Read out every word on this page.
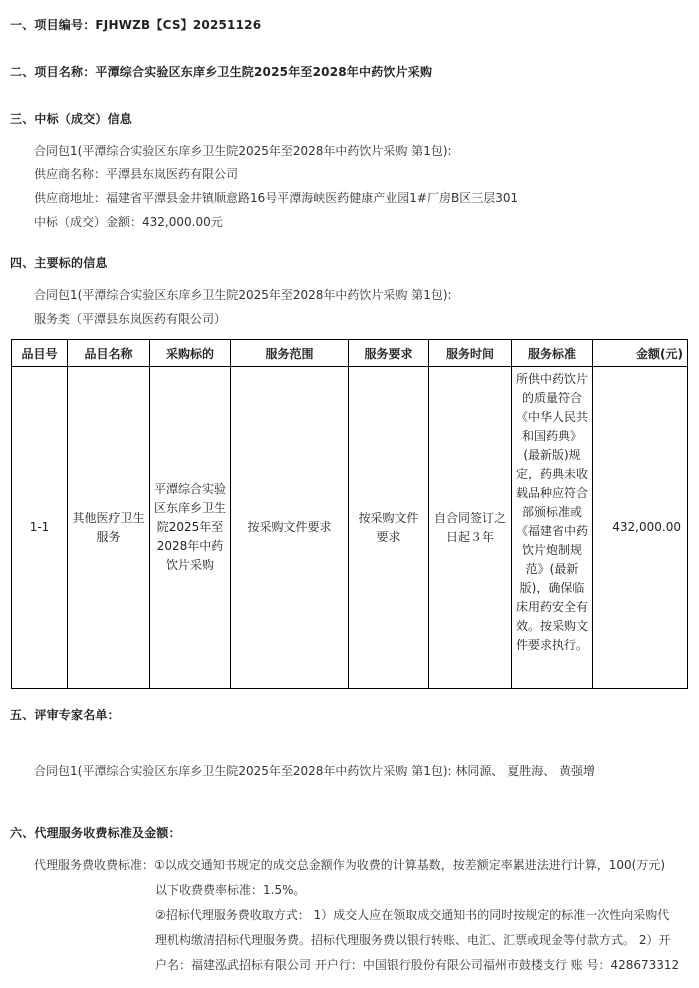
一、项目编号：FJHWZB【CS】20251126
二、项目名称：平潭综合实验区东庠乡卫生院2025年至2028年中药饮片采购
三、中标（成交）信息
合同包1(平潭综合实验区东庠乡卫生院2025年至2028年中药饮片采购 第1包):
供应商名称：平潭县东岚医药有限公司
供应商地址：福建省平潭县金井镇顺意路16号平潭海峡医药健康产业园1#厂房B区三层301
中标（成交）金额：432,000.00元
四、主要标的信息
合同包1(平潭综合实验区东庠乡卫生院2025年至2028年中药饮片采购 第1包):
服务类（平潭县东岚医药有限公司）
品目号	品目名称	采购标的	服务范围	服务要求	服务时间	服务标准	金额(元)
1-1	其他医疗卫生服务	平潭综合实验区东庠乡卫生院2025年至2028年中药饮片采购	按采购文件要求	按采购文件要求	自合同签订之日起３年	所供中药饮片的质量符合《中华人民共和国药典》(最新版)规定，药典未收载品种应符合部颁标准或《福建省中药饮片炮制规范》(最新版)，确保临床用药安全有效。按采购文件要求执行。	432,000.00
五、评审专家名单：
合同包1(平潭综合实验区东庠乡卫生院2025年至2028年中药饮片采购 第1包): 林同源、 夏胜海、 黄强增
六、代理服务收费标准及金额：
代理服务费收费标准：①以成交通知书规定的成交总金额作为收费的计算基数，按差额定率累进法进行计算，100(万元)
以下收费费率标准：1.5%。
②招标代理服务费收取方式： 1）成交人应在领取成交通知书的同时按规定的标准一次性向采购代
理机构缴清招标代理服务费。招标代理服务费以银行转账、电汇、汇票或现金等付款方式。 2）开
户名：福建泓武招标有限公司 开户行：中国银行股份有限公司福州市鼓楼支行 账 号：428673312
